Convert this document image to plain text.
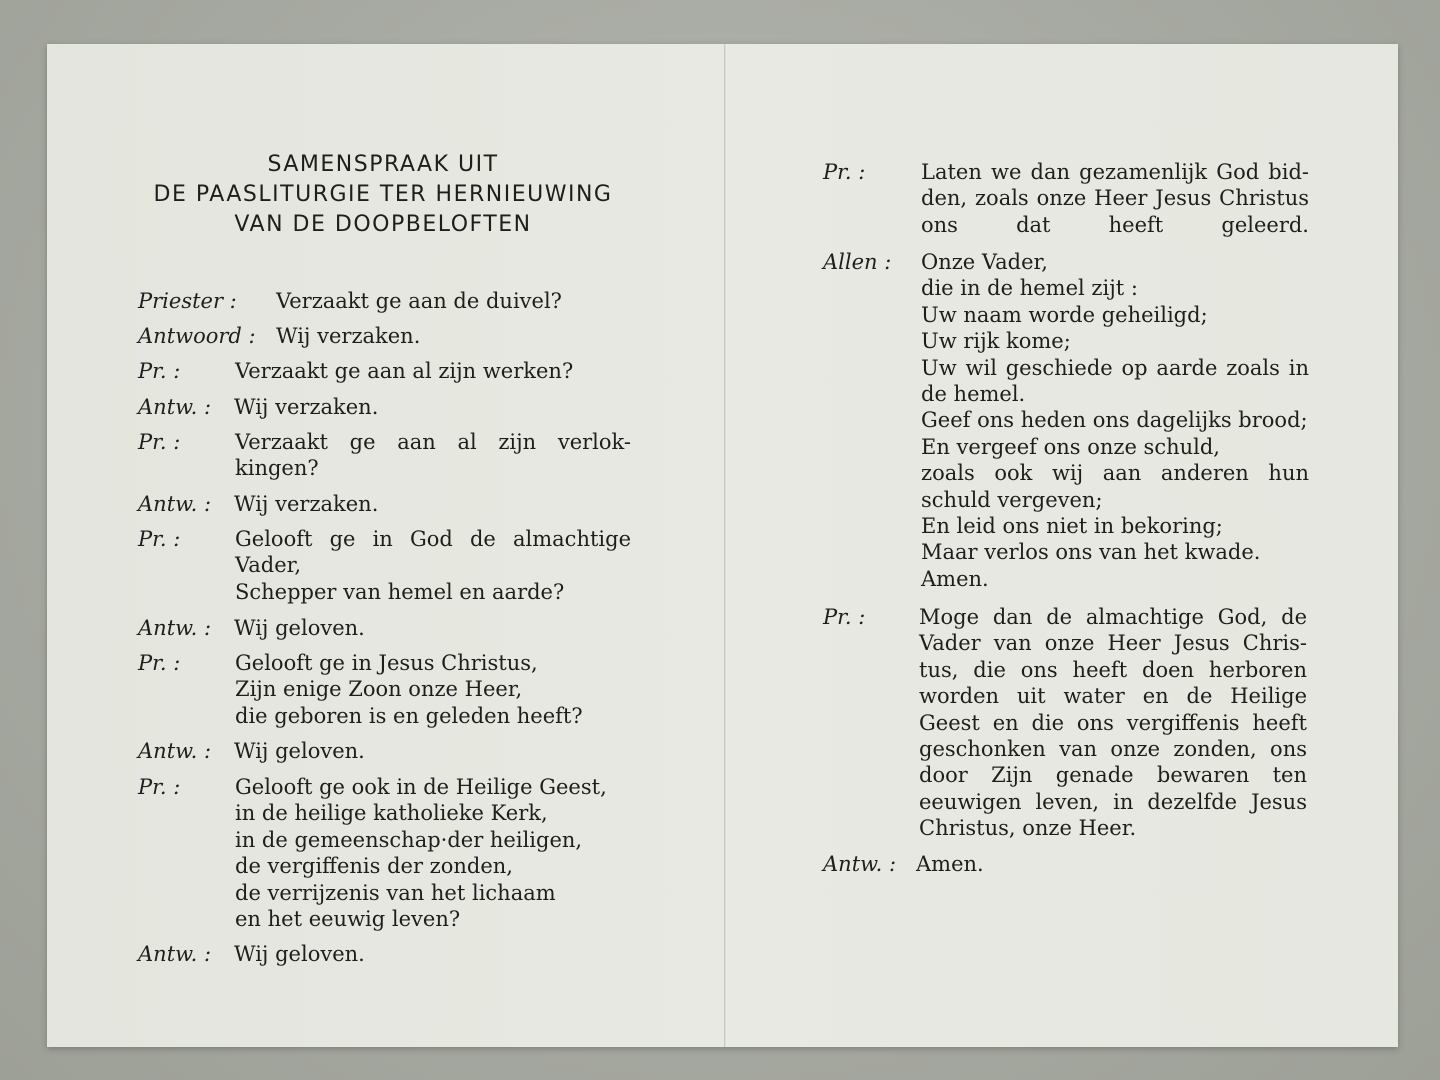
SAMENSPRAAK UIT
DE PAASLITURGIE TER HERNIEUWING
VAN DE DOOPBELOFTEN
Priester : Verzaakt ge aan de duivel?
Antwoord : Wij verzaken.
Pr. :	Verzaakt ge aan al zijn werken?
Antw. : Wij verzaken.
Pr. :	Verzaakt ge aan al zijn verlok-
kingen?
Antw. : Wij verzaken.
Pr. :	Gelooft ge in God de almachtige
Vader,
Schepper van hemel en aarde?
Antw. : Wij geloven.
Pr. :	Gelooft ge in Jesus Christus,
Zijn enige Zoon onze Heer,
die geboren is en geleden heeft?
Antw. : Wij geloven.
Pr. :	Gelooft ge ook in de Heilige Geest,
in de heilige katholieke Kerk,
in de gemeenschap·der heiligen,
de vergiffenis der zonden,
de verrijzenis van het lichaam
en het eeuwig leven?
Antw. : Wij geloven.
Pr. :	Laten we dan gezamenlijk God bid-
den, zoals onze Heer Jesus Christus
ons dat heeft geleerd.
Allen : Onze Vader,
die in de hemel zijt :
Uw naam worde geheiligd;
Uw rijk kome;
Uw wil geschiede op aarde zoals in
de hemel.
Geef ons heden ons dagelijks brood;
En vergeef ons onze schuld,
zoals ook wij aan anderen hun
schuld vergeven;
En leid ons niet in bekoring;
Maar verlos ons van het kwade.
Amen.
Pr. :	Moge dan de almachtige God, de
Vader van onze Heer Jesus Chris-
tus, die ons heeft doen herboren
worden uit water en de Heilige
Geest en die ons vergiffenis heeft
geschonken van onze zonden, ons
door Zijn genade bewaren ten
eeuwigen leven, in dezelfde Jesus
Christus, onze Heer.
Antw. : Amen.
